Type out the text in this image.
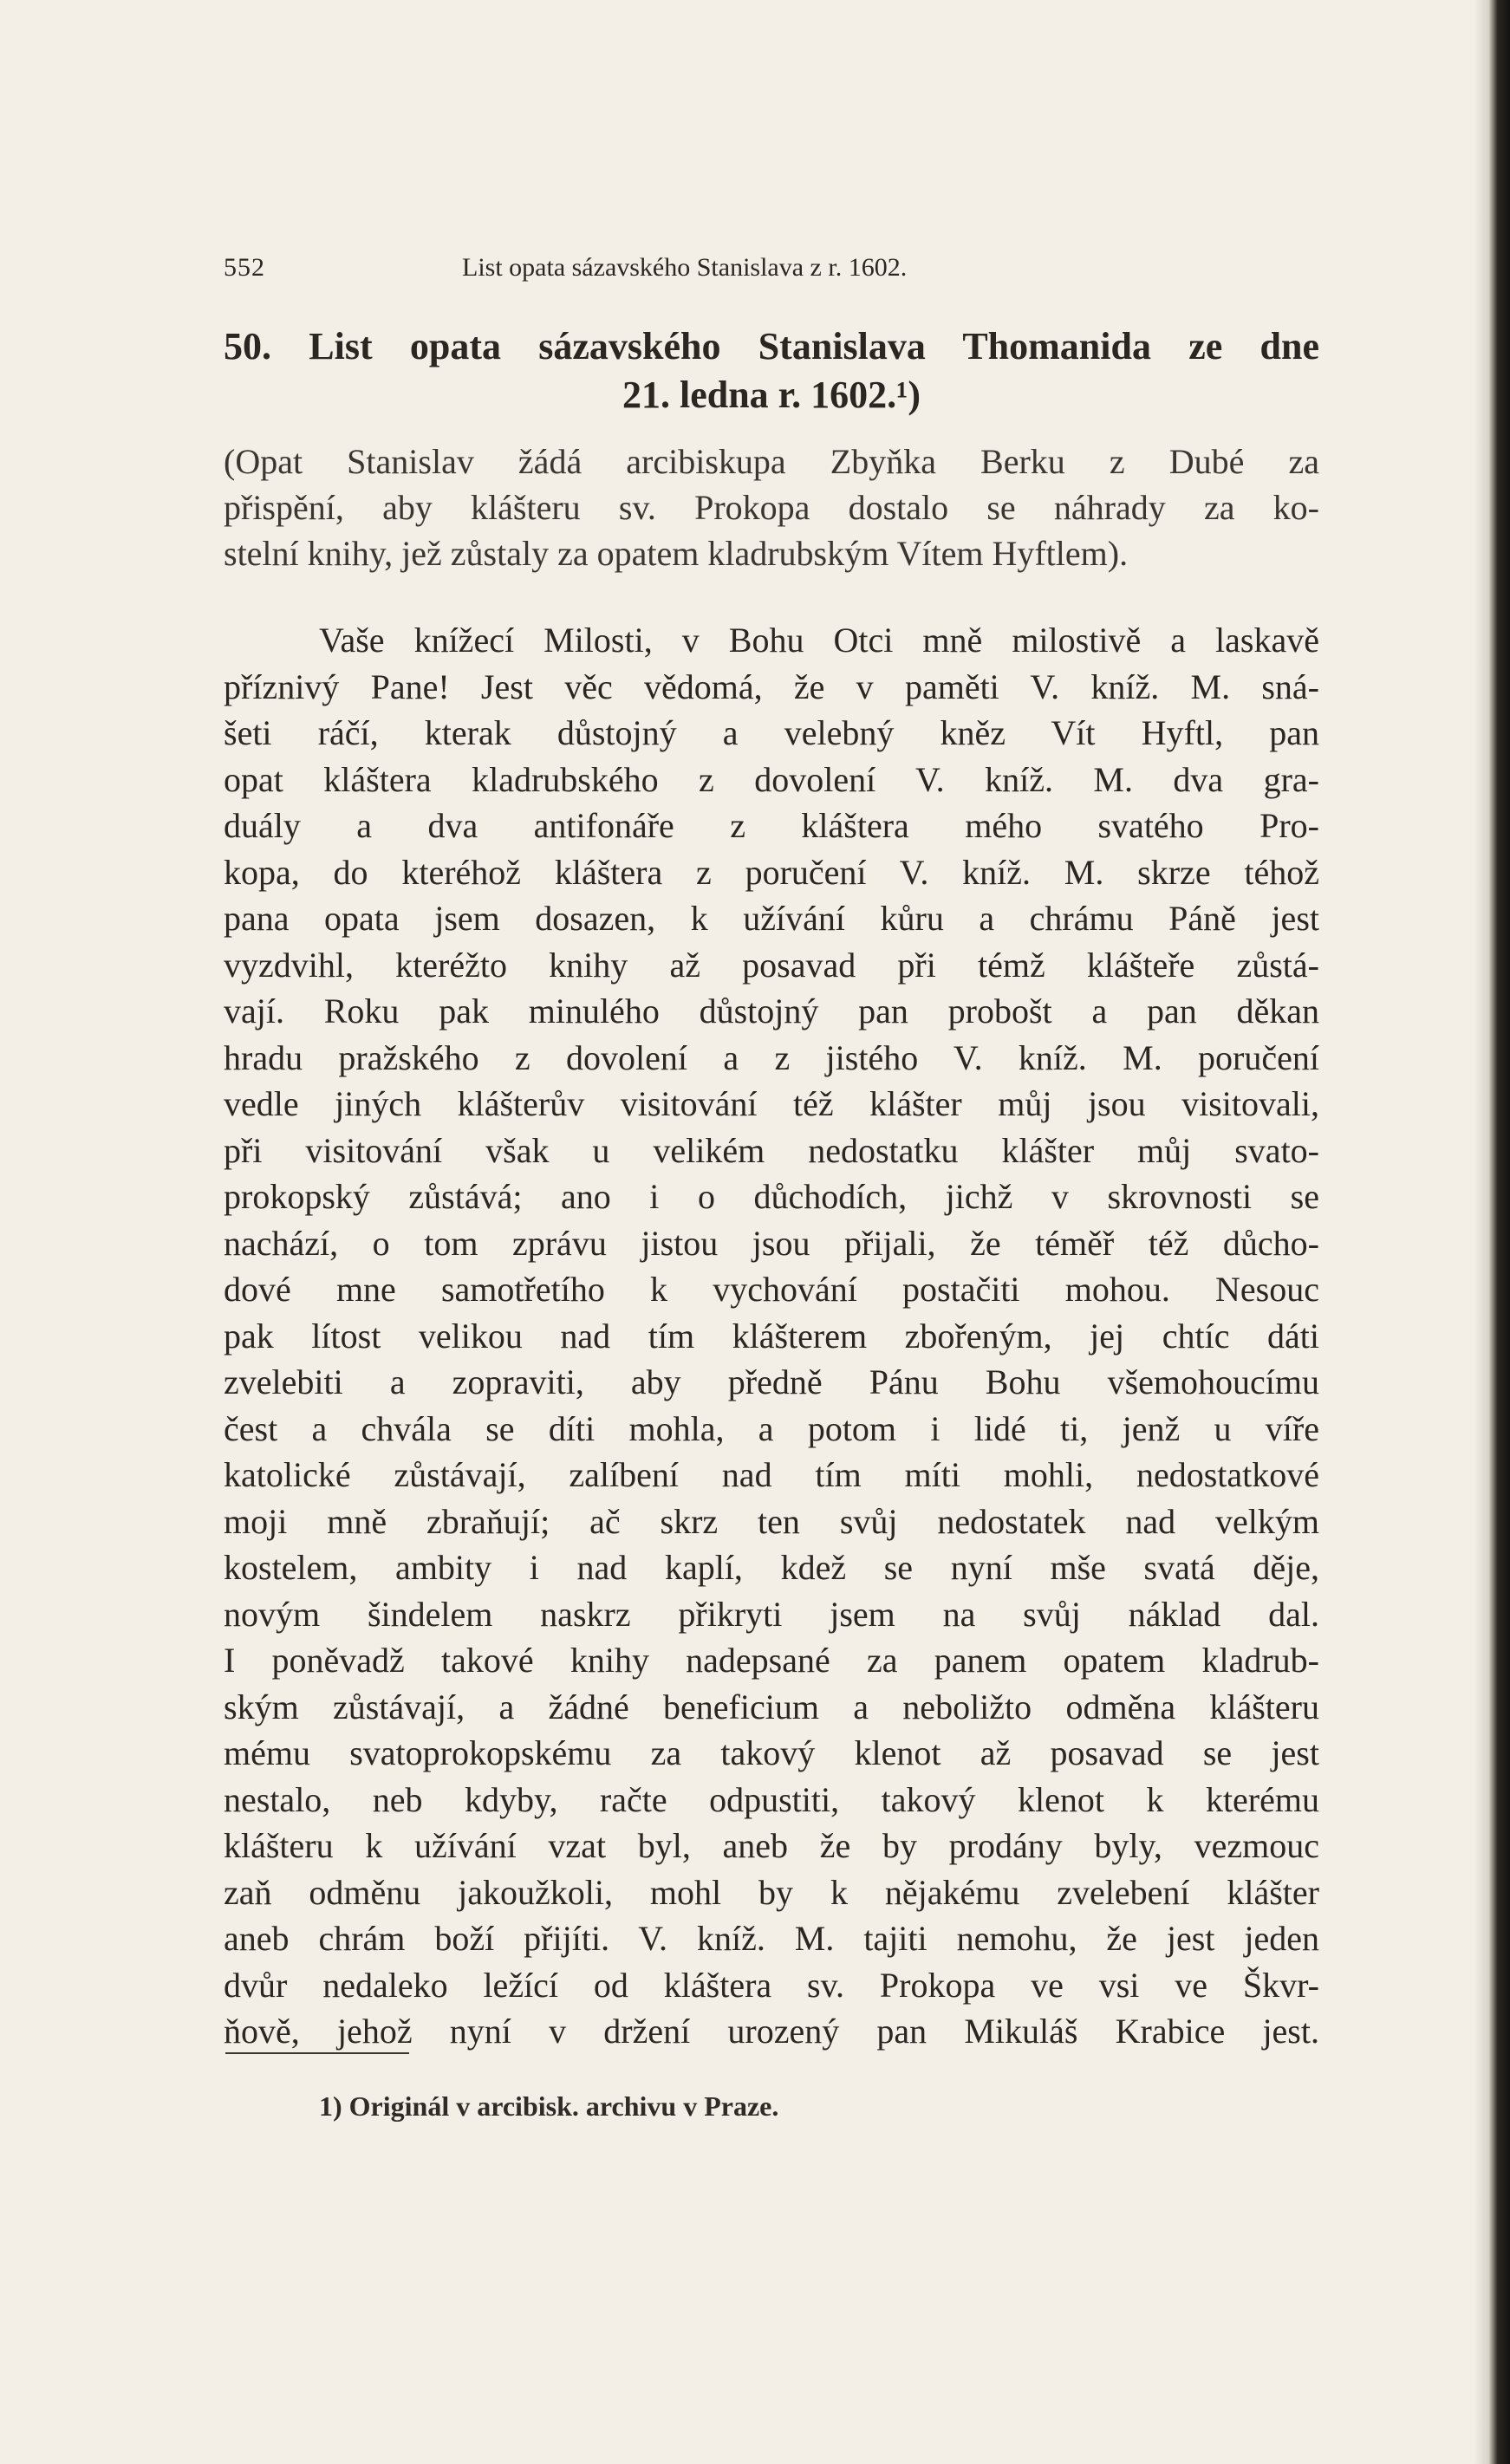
552	List opata sázavského Stanislava z r. 1602.
50. List opata sázavského Stanislava Thomanida ze dne
21. ledna r. 1602.¹)
(Opat Stanislav žádá arcibiskupa Zbyňka Berku z Dubé za
přispění, aby klášteru sv. Prokopa dostalo se náhrady za ko-
stelní knihy, jež zůstaly za opatem kladrubským Vítem Hyftlem).
Vaše knížecí Milosti, v Bohu Otci mně milostivě a laskavě
příznivý Pane! Jest věc vědomá, že v paměti V. kníž. M. sná-
šeti ráčí, kterak důstojný a velebný kněz Vít Hyftl, pan
opat kláštera kladrubského z dovolení V. kníž. M. dva gra-
duály a dva antifonáře z kláštera mého svatého Pro-
kopa, do kteréhož kláštera z poručení V. kníž. M. skrze téhož
pana opata jsem dosazen, k užívání kůru a chrámu Páně jest
vyzdvihl, kteréžto knihy až posavad při témž klášteře zůstá-
vají. Roku pak minulého důstojný pan probošt a pan děkan
hradu pražského z dovolení a z jistého V. kníž. M. poručení
vedle jiných klášterův visitování též klášter můj jsou visitovali,
při visitování však u velikém nedostatku klášter můj svato-
prokopský zůstává; ano i o důchodích, jichž v skrovnosti se
nachází, o tom zprávu jistou jsou přijali, že téměř též důcho-
dové mne samotřetího k vychování postačiti mohou. Nesouc
pak lítost velikou nad tím klášterem zbořeným, jej chtíc dáti
zvelebiti a zopraviti, aby předně Pánu Bohu všemohoucímu
čest a chvála se díti mohla, a potom i lidé ti, jenž u víře
katolické zůstávají, zalíbení nad tím míti mohli, nedostatkové
moji mně zbraňují; ač skrz ten svůj nedostatek nad velkým
kostelem, ambity i nad kaplí, kdež se nyní mše svatá děje,
novým šindelem naskrz přikryti jsem na svůj náklad dal.
I poněvadž takové knihy nadepsané za panem opatem kladrub-
ským zůstávají, a žádné beneficium a neboližto odměna klášteru
mému svatoprokopskému za takový klenot až posavad se jest
nestalo, neb kdyby, račte odpustiti, takový klenot k kterému
klášteru k užívání vzat byl, aneb že by prodány byly, vezmouc
zaň odměnu jakoužkoli, mohl by k nějakému zvelebení klášter
aneb chrám boží přijíti. V. kníž. M. tajiti nemohu, že jest jeden
dvůr nedaleko ležící od kláštera sv. Prokopa ve vsi ve Škvr-
ňově, jehož nyní v držení urozený pan Mikuláš Krabice jest.
1) Originál v arcibisk. archivu v Praze.
